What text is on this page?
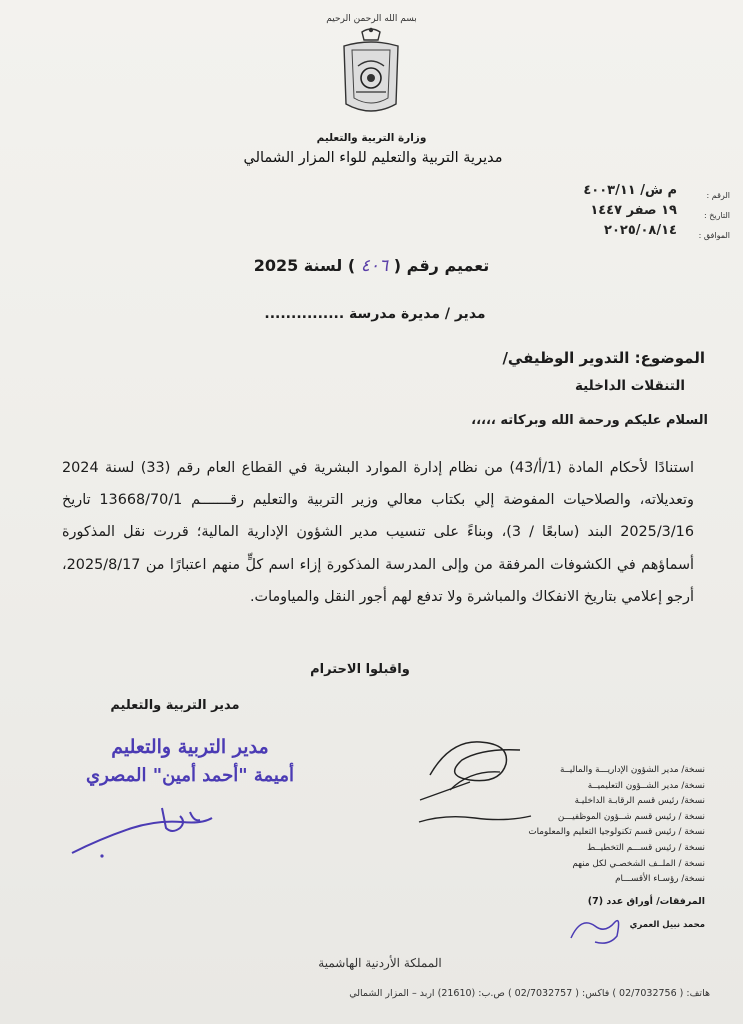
بسم الله الرحمن الرحيم
وزارة التربية والتعليم
مديرية التربية والتعليم للواء المزار الشمالي
الرقم :
التاريخ :
الموافق :
م ش/ ٤٠٠٣/١١
١٩ صفر ١٤٤٧
٢٠٢٥/٠٨/١٤
تعميم رقم ( ٤٠٦ ) لسنة 2025
مدير / مديرة مدرسة ...............
الموضوع: التدوير الوظيفي/
التنقلات الداخلية
السلام عليكم ورحمة الله وبركاته ،،،،،
استنادًا لأحكام المادة (1/أ/43) من نظام إدارة الموارد البشرية في القطاع العام رقم (33) لسنة 2024 وتعديلاته، والصلاحيات المفوضة إلي بكتاب معالي وزير التربية والتعليم رقـــــــم 13668/70/1 تاريخ 2025/3/16 البند (سابعًا / 3)، وبناءً على تنسيب مدير الشؤون الإدارية المالية؛ قررت نقل المذكورة أسماؤهم في الكشوفات المرفقة من وإلى المدرسة المذكورة إزاء اسم كلٍّ منهم اعتبارًا من 2025/8/17، أرجو إعلامي بتاريخ الانفكاك والمباشرة ولا تدفع لهم أجور النقل والمياومات.
واقبلوا الاحترام
مدير التربية والتعليم
مدير التربية والتعليم
أميمة "أحمد أمين" المصري	نسخة/ مدير الشؤون الإداريـــة والماليــة
نسخة/ مدير الشــؤون التعليميــة
نسخة/ رئيس قسم الرقابـة الداخليـة
نسخة / رئيس قسم شــؤون الموظفيـــن
نسخة / رئيس قسم تكنولوجيا التعليم والمعلومات
نسخة / رئيس قســـم التخطيــط
نسخة / الملــف الشخصـي لكل منهم
نسخة/ رؤسـاء الأقســـام
المرفقات/ أوراق عدد (7)
محمد نبيل العمري
المملكة الأردنية الهاشمية
هاتف: ( 02/7032756 ) فاكس: ( 02/7032757 ) ص.ب: (21610) اربد – المزار الشمالي
